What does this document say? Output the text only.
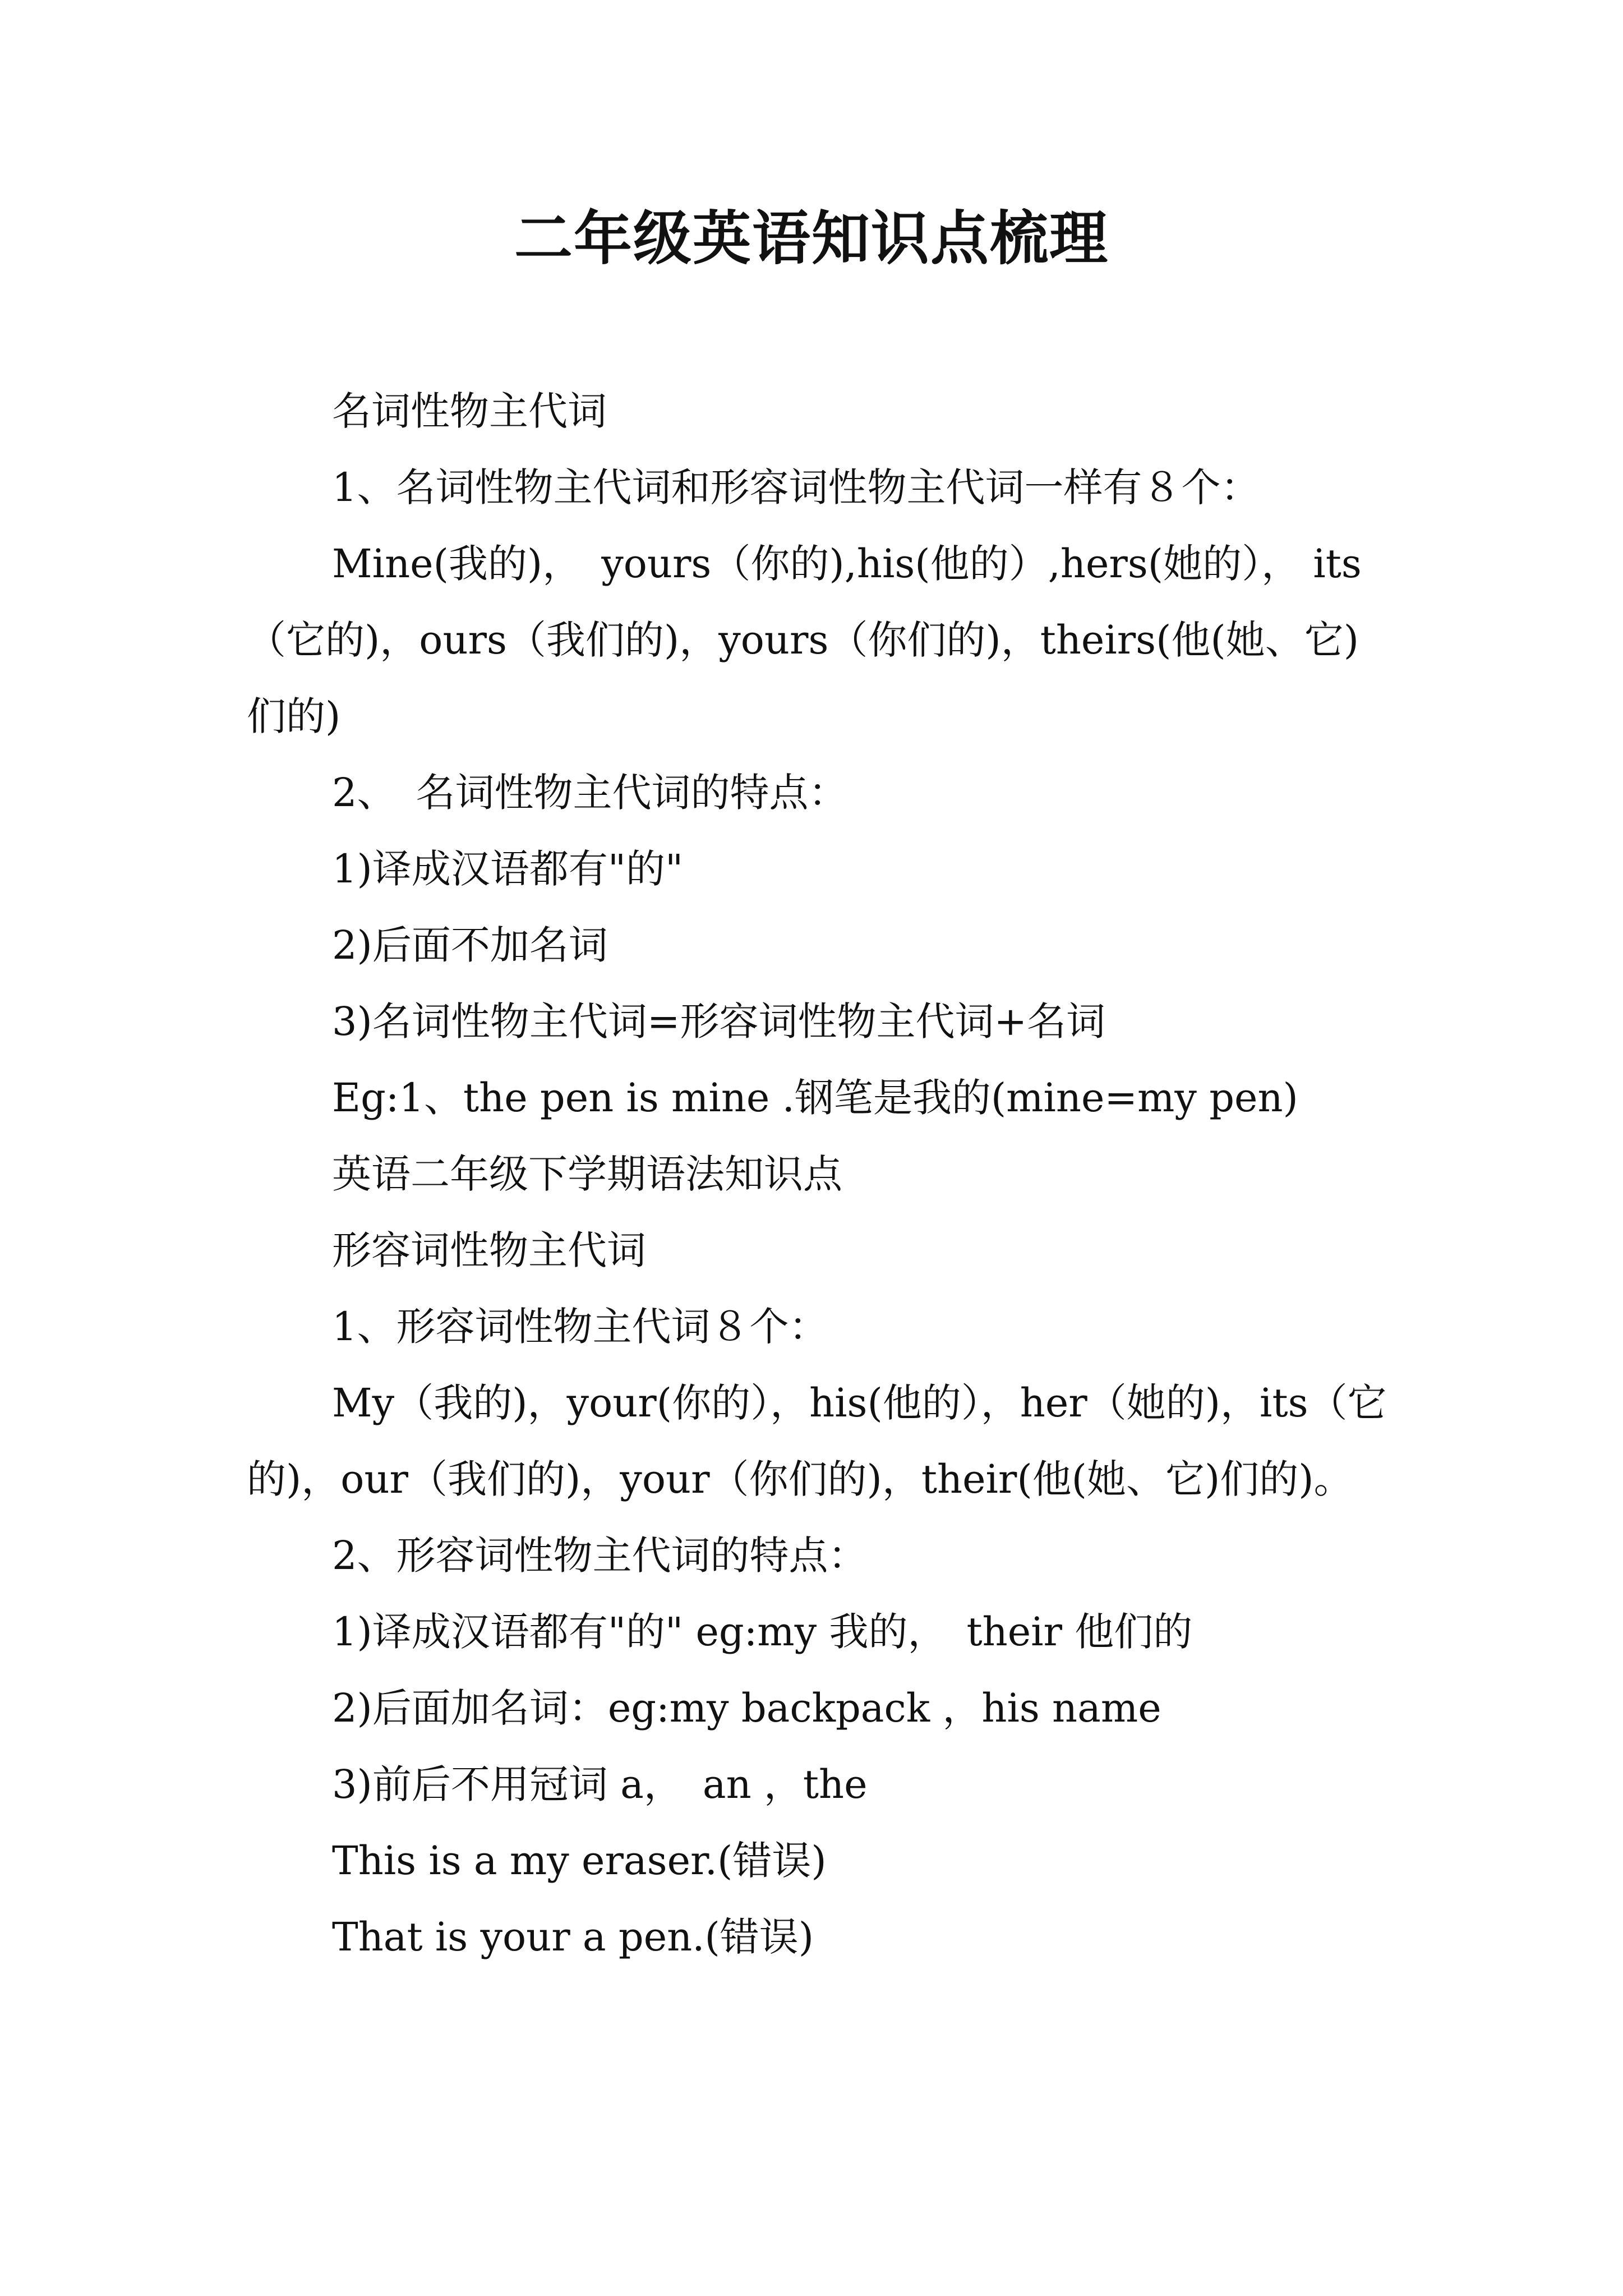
二年级英语知识点梳理

名词性物主代词

1、名词性物主代词和形容词性物主代词一样有８个：

Mine(我的)，　yours（你的),his(他的）,hers(她的）， its（它的)，ours（我们的)，yours（你们的)，theirs(他(她、它)们的)

2、　名词性物主代词的特点：

1)译成汉语都有"的"

2)后面不加名词

3)名词性物主代词=形容词性物主代词+名词

Eg:1、the pen is mine .钢笔是我的(mine=my pen)

英语二年级下学期语法知识点

形容词性物主代词

1、形容词性物主代词８个：

My（我的)，your(你的），his(他的），her（她的)，its（它的)，our（我们的)，your（你们的)，their(他(她、它)们的)。

2、形容词性物主代词的特点：

1)译成汉语都有"的" eg:my 我的，　their 他们的

2)后面加名词：eg:my backpack ，his name

3)前后不用冠词 a，　an ，the

This is a my eraser.(错误)

That is your a pen.(错误)
